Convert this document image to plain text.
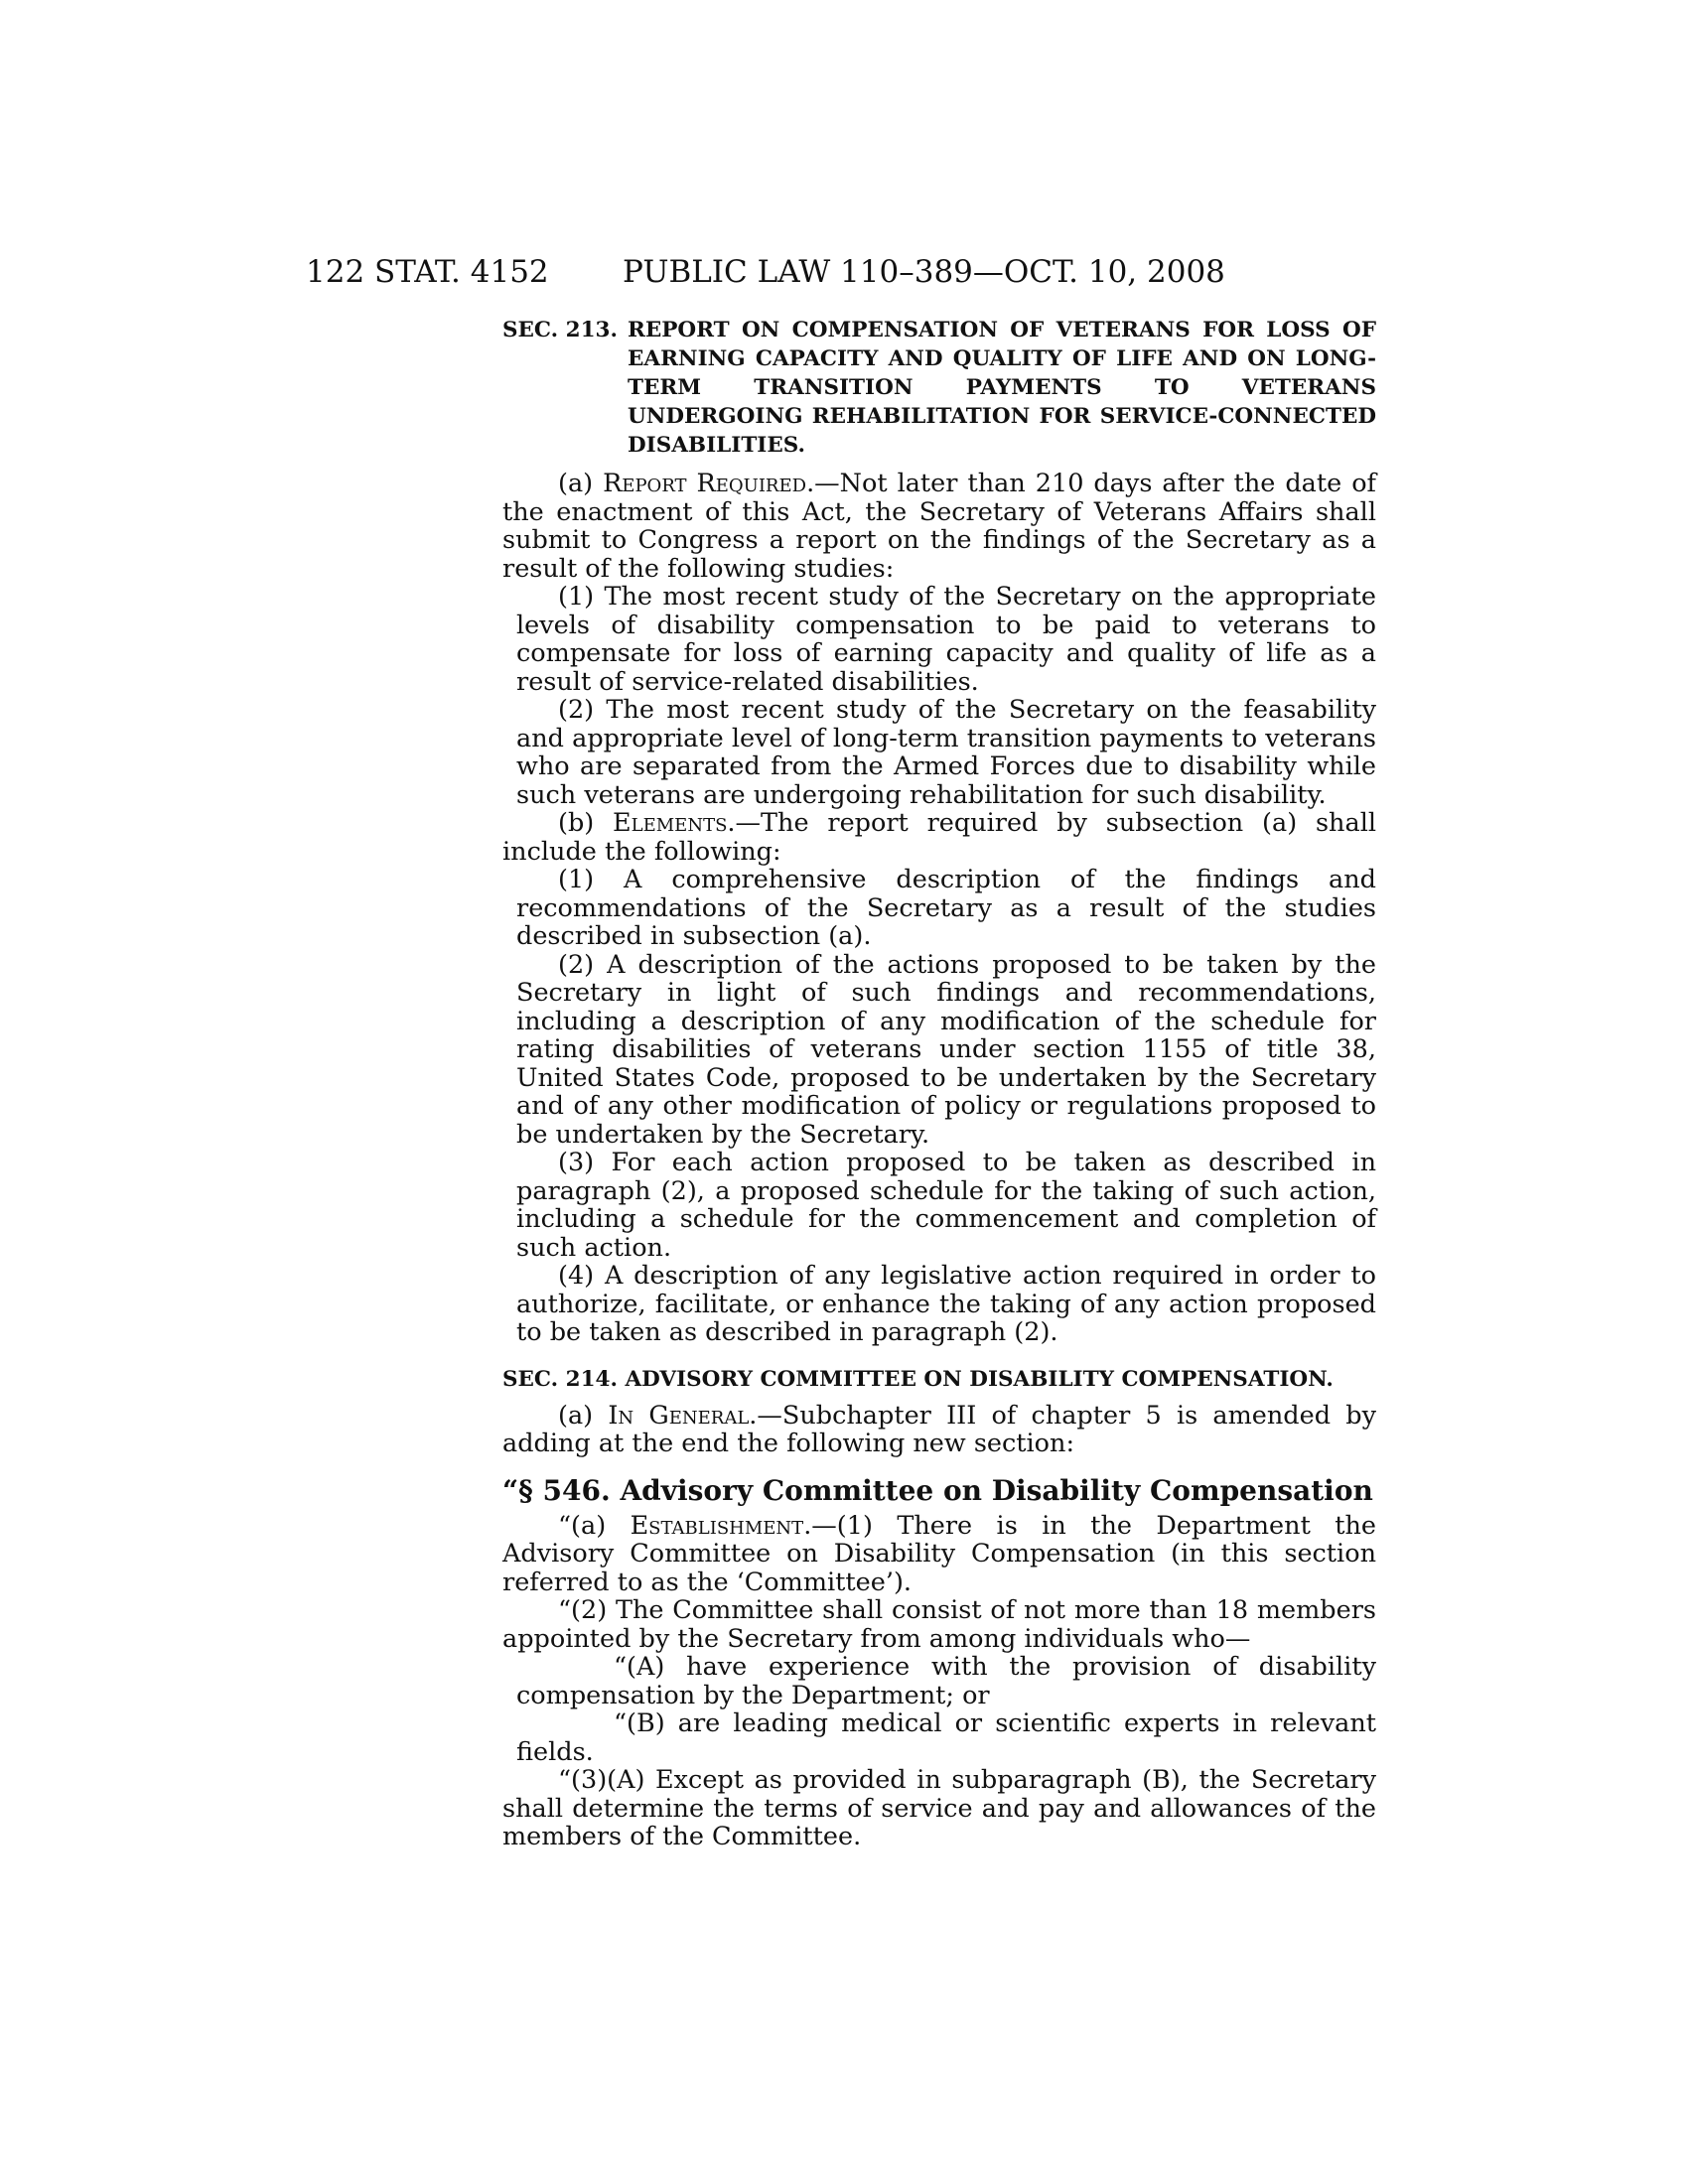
122 STAT. 4152 PUBLIC LAW 110–389—OCT. 10, 2008
SEC. 213. REPORT ON COMPENSATION OF VETERANS FOR LOSS OF EARNING CAPACITY AND QUALITY OF LIFE AND ON LONG-TERM TRANSITION PAYMENTS TO VETERANS UNDERGOING REHABILITATION FOR SERVICE-CONNECTED DISABILITIES.

(a) Report Required.—Not later than 210 days after the date of the enactment of this Act, the Secretary of Veterans Affairs shall submit to Congress a report on the findings of the Secretary as a result of the following studies:

(1) The most recent study of the Secretary on the appropriate levels of disability compensation to be paid to veterans to compensate for loss of earning capacity and quality of life as a result of service-related disabilities.

(2) The most recent study of the Secretary on the feasability and appropriate level of long-term transition payments to veterans who are separated from the Armed Forces due to disability while such veterans are undergoing rehabilitation for such disability.

(b) Elements.—The report required by subsection (a) shall include the following:

(1) A comprehensive description of the findings and recommendations of the Secretary as a result of the studies described in subsection (a).

(2) A description of the actions proposed to be taken by the Secretary in light of such findings and recommendations, including a description of any modification of the schedule for rating disabilities of veterans under section 1155 of title 38, United States Code, proposed to be undertaken by the Secretary and of any other modification of policy or regulations proposed to be undertaken by the Secretary.

(3) For each action proposed to be taken as described in paragraph (2), a proposed schedule for the taking of such action, including a schedule for the commencement and completion of such action.

(4) A description of any legislative action required in order to authorize, facilitate, or enhance the taking of any action proposed to be taken as described in paragraph (2).

SEC. 214. ADVISORY COMMITTEE ON DISABILITY COMPENSATION.

(a) In General.—Subchapter III of chapter 5 is amended by adding at the end the following new section:

“§ 546. Advisory Committee on Disability Compensation

“(a) Establishment.—(1) There is in the Department the Advisory Committee on Disability Compensation (in this section referred to as the ‘Committee’).

“(2) The Committee shall consist of not more than 18 members appointed by the Secretary from among individuals who—

“(A) have experience with the provision of disability compensation by the Department; or

“(B) are leading medical or scientific experts in relevant fields.

“(3)(A) Except as provided in subparagraph (B), the Secretary shall determine the terms of service and pay and allowances of the members of the Committee.
